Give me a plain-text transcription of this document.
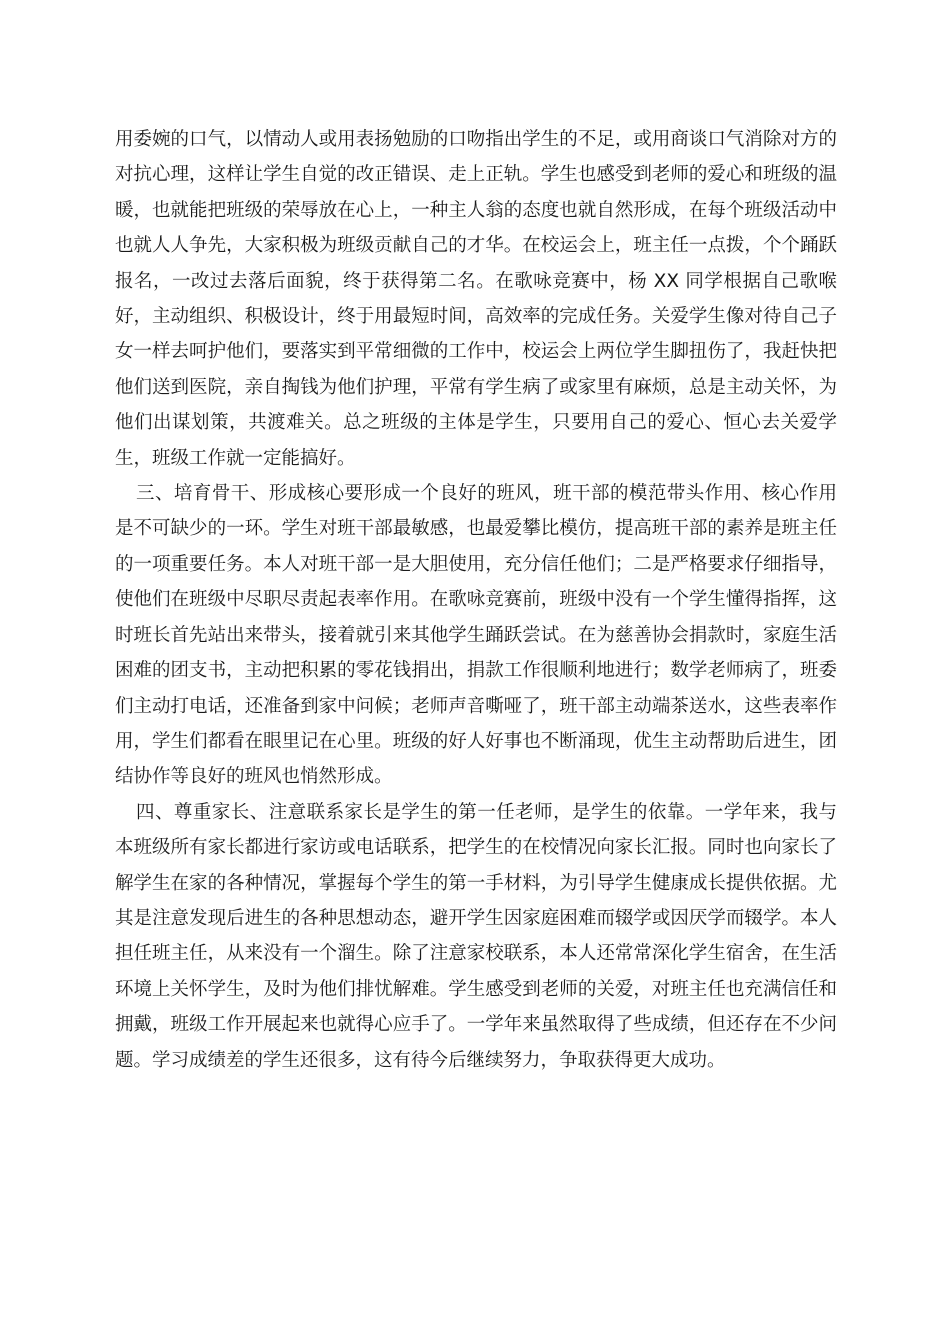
用委婉的口气，以情动人或用表扬勉励的口吻指出学生的不足，或用商谈口气消除对方的对抗心理，这样让学生自觉的改正错误、走上正轨。学生也感受到老师的爱心和班级的温暖，也就能把班级的荣辱放在心上，一种主人翁的态度也就自然形成，在每个班级活动中也就人人争先，大家积极为班级贡献自己的才华。在校运会上，班主任一点拨，个个踊跃报名，一改过去落后面貌，终于获得第二名。在歌咏竞赛中，杨 XX 同学根据自己歌喉好，主动组织、积极设计，终于用最短时间，高效率的完成任务。关爱学生像对待自己子女一样去呵护他们，要落实到平常细微的工作中，校运会上两位学生脚扭伤了，我赶快把他们送到医院，亲自掏钱为他们护理，平常有学生病了或家里有麻烦，总是主动关怀，为他们出谋划策，共渡难关。总之班级的主体是学生，只要用自己的爱心、恒心去关爱学生，班级工作就一定能搞好。

三、培育骨干、形成核心要形成一个良好的班风，班干部的模范带头作用、核心作用是不可缺少的一环。学生对班干部最敏感，也最爱攀比模仿，提高班干部的素养是班主任的一项重要任务。本人对班干部一是大胆使用，充分信任他们；二是严格要求仔细指导，使他们在班级中尽职尽责起表率作用。在歌咏竞赛前，班级中没有一个学生懂得指挥，这时班长首先站出来带头，接着就引来其他学生踊跃尝试。在为慈善协会捐款时，家庭生活困难的团支书，主动把积累的零花钱捐出，捐款工作很顺利地进行；数学老师病了，班委们主动打电话，还准备到家中问候；老师声音嘶哑了，班干部主动端茶送水，这些表率作用，学生们都看在眼里记在心里。班级的好人好事也不断涌现，优生主动帮助后进生，团结协作等良好的班风也悄然形成。

四、尊重家长、注意联系家长是学生的第一任老师，是学生的依靠。一学年来，我与本班级所有家长都进行家访或电话联系，把学生的在校情况向家长汇报。同时也向家长了解学生在家的各种情况，掌握每个学生的第一手材料，为引导学生健康成长提供依据。尤其是注意发现后进生的各种思想动态，避开学生因家庭困难而辍学或因厌学而辍学。本人担任班主任，从来没有一个溜生。除了注意家校联系，本人还常常深化学生宿舍，在生活环境上关怀学生，及时为他们排忧解难。学生感受到老师的关爱，对班主任也充满信任和拥戴，班级工作开展起来也就得心应手了。一学年来虽然取得了些成绩，但还存在不少问题。学习成绩差的学生还很多，这有待今后继续努力，争取获得更大成功。
